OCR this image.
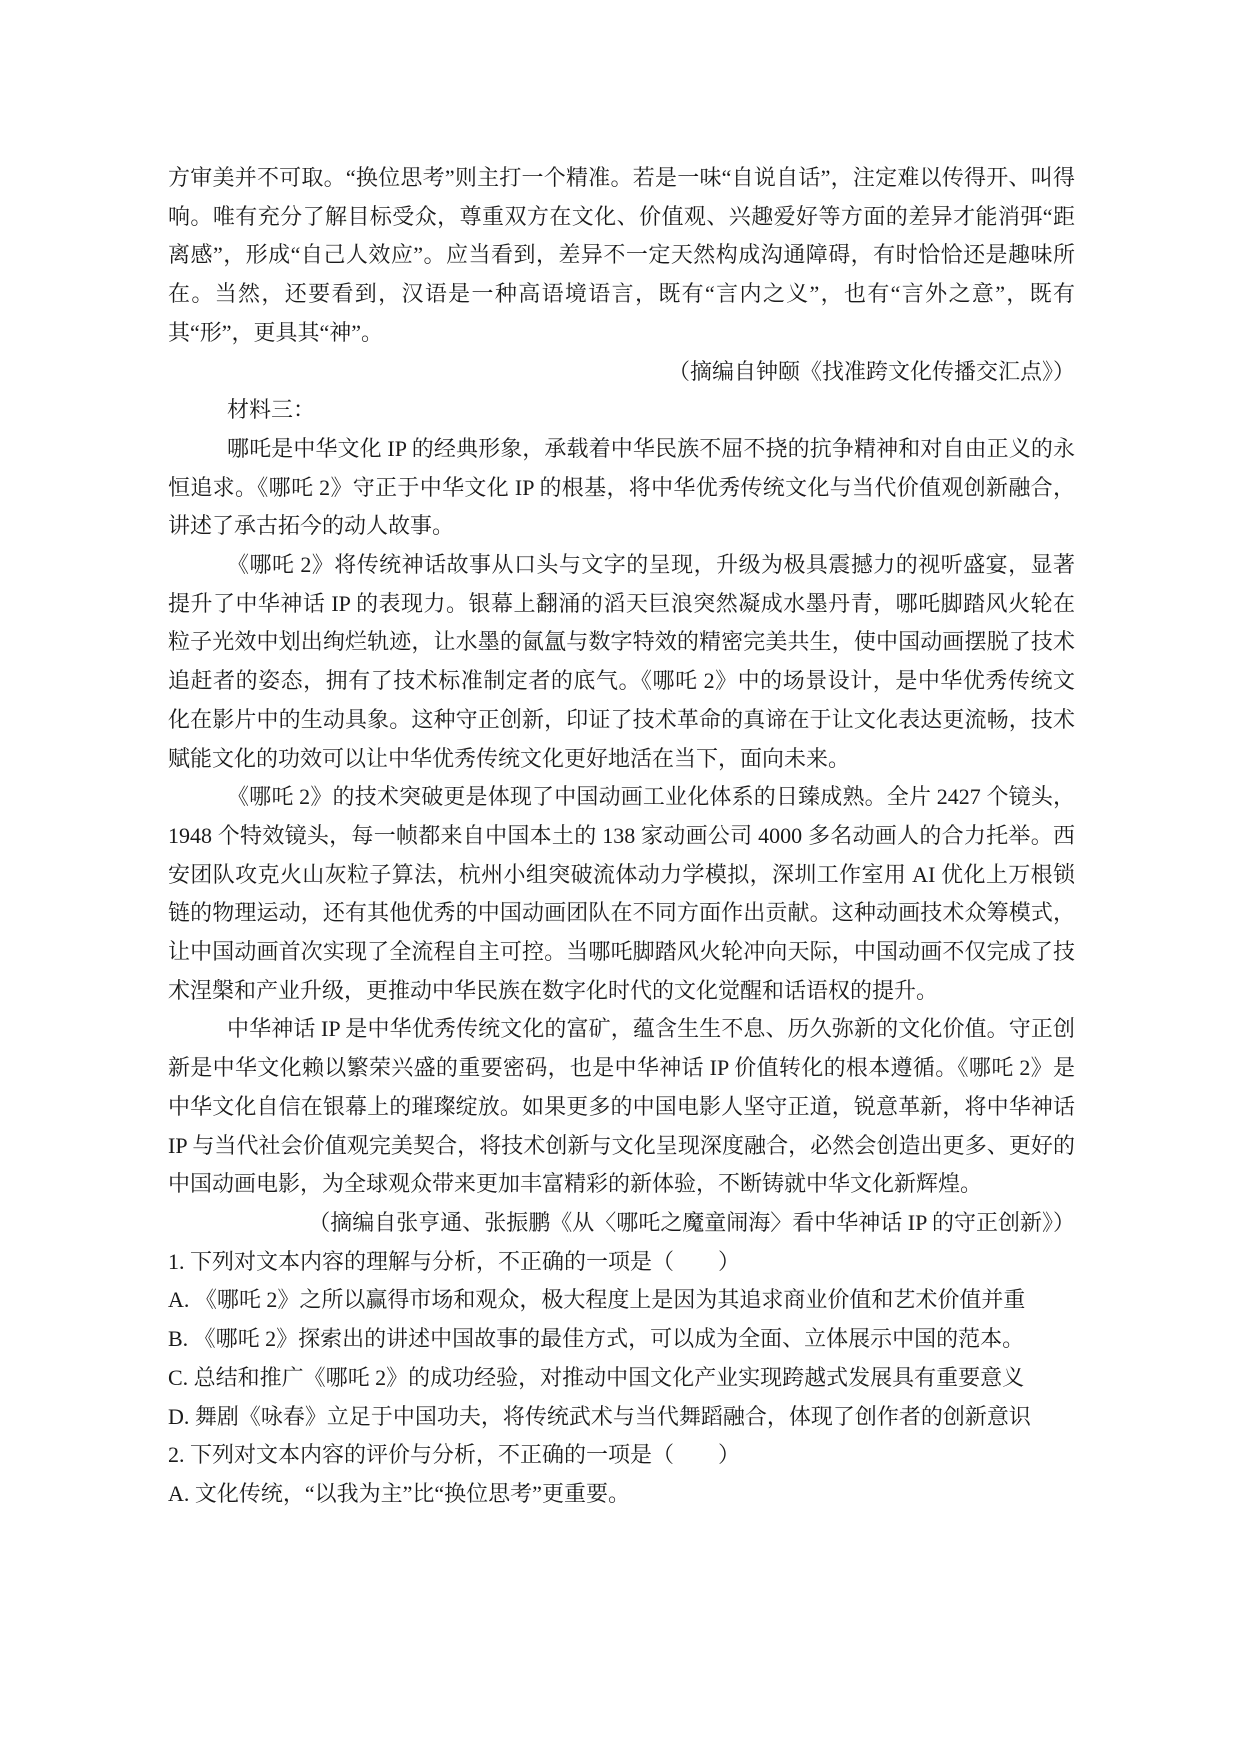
方审美并不可取。“换位思考”则主打一个精准。若是一味“自说自话”，注定难以传得开、叫得响。唯有充分了解目标受众，尊重双方在文化、价值观、兴趣爱好等方面的差异才能消弭“距离感”，形成“自己人效应”。应当看到，差异不一定天然构成沟通障碍，有时恰恰还是趣味所在。当然，还要看到，汉语是一种高语境语言，既有“言内之义”，也有“言外之意”，既有其“形”，更具其“神”。

（摘编自钟颐《找准跨文化传播交汇点》）

材料三：

哪吒是中华文化 IP 的经典形象，承载着中华民族不屈不挠的抗争精神和对自由正义的永恒追求。《哪吒 2》守正于中华文化 IP 的根基，将中华优秀传统文化与当代价值观创新融合，讲述了承古拓今的动人故事。

《哪吒 2》将传统神话故事从口头与文字的呈现，升级为极具震撼力的视听盛宴，显著提升了中华神话 IP 的表现力。银幕上翻涌的滔天巨浪突然凝成水墨丹青，哪吒脚踏风火轮在粒子光效中划出绚烂轨迹，让水墨的氤氲与数字特效的精密完美共生，使中国动画摆脱了技术追赶者的姿态，拥有了技术标准制定者的底气。《哪吒 2》中的场景设计，是中华优秀传统文化在影片中的生动具象。这种守正创新，印证了技术革命的真谛在于让文化表达更流畅，技术赋能文化的功效可以让中华优秀传统文化更好地活在当下，面向未来。

《哪吒 2》的技术突破更是体现了中国动画工业化体系的日臻成熟。全片 2427 个镜头，1948 个特效镜头，每一帧都来自中国本土的 138 家动画公司 4000 多名动画人的合力托举。西安团队攻克火山灰粒子算法，杭州小组突破流体动力学模拟，深圳工作室用 AI 优化上万根锁链的物理运动，还有其他优秀的中国动画团队在不同方面作出贡献。这种动画技术众筹模式，让中国动画首次实现了全流程自主可控。当哪吒脚踏风火轮冲向天际，中国动画不仅完成了技术涅槃和产业升级，更推动中华民族在数字化时代的文化觉醒和话语权的提升。

中华神话 IP 是中华优秀传统文化的富矿，蕴含生生不息、历久弥新的文化价值。守正创新是中华文化赖以繁荣兴盛的重要密码，也是中华神话 IP 价值转化的根本遵循。《哪吒 2》是中华文化自信在银幕上的璀璨绽放。如果更多的中国电影人坚守正道，锐意革新，将中华神话 IP 与当代社会价值观完美契合，将技术创新与文化呈现深度融合，必然会创造出更多、更好的中国动画电影，为全球观众带来更加丰富精彩的新体验，不断铸就中华文化新辉煌。

（摘编自张亨通、张振鹏《从〈哪吒之魔童闹海〉看中华神话 IP 的守正创新》）

1. 下列对文本内容的理解与分析，不正确的一项是（　　）

A. 《哪吒 2》之所以赢得市场和观众，极大程度上是因为其追求商业价值和艺术价值并重

B. 《哪吒 2》探索出的讲述中国故事的最佳方式，可以成为全面、立体展示中国的范本。

C. 总结和推广《哪吒 2》的成功经验，对推动中国文化产业实现跨越式发展具有重要意义

D. 舞剧《咏春》立足于中国功夫，将传统武术与当代舞蹈融合，体现了创作者的创新意识

2. 下列对文本内容的评价与分析，不正确的一项是（　　）

A. 文化传统，“以我为主”比“换位思考”更重要。
